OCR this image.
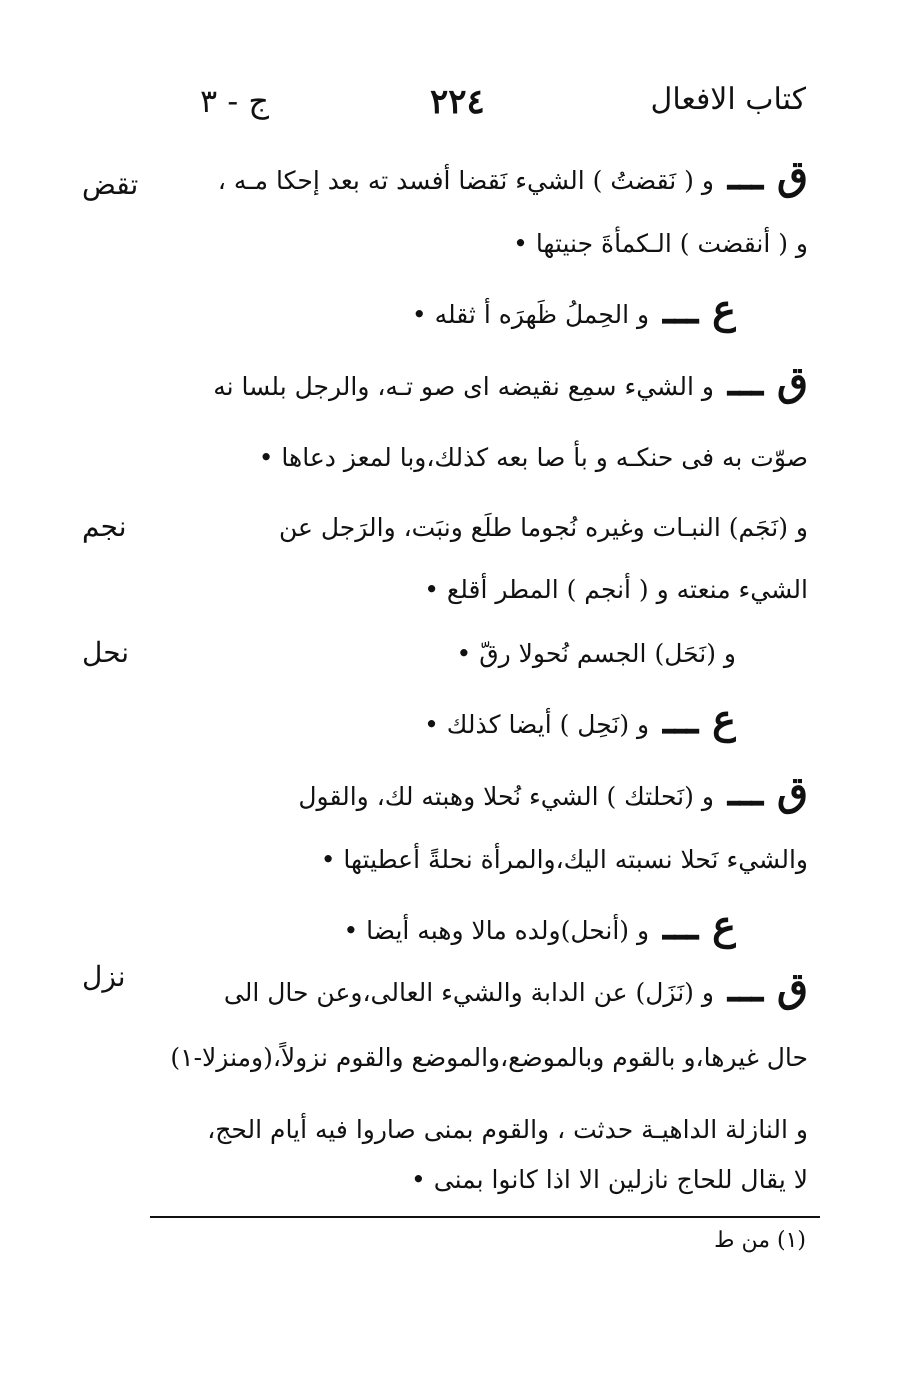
كتاب الافعال
٢٢٤
ج - ٣
تقض
نجم
نحل
نزل
ق ـــ و ( نَقضتُ ) الشيء نَقضا أفسد ته بعد إحكا مـه ،
و ( أنقضت ) الـكمأةَ جنيتها •
ع ـــ و الحِملُ ظَهرَه أ ثقله •
ق ـــ و الشيء سمِع نقيضه اى صو تـه، والرجل بلسا نه
صوّت به فى حنكـه و بأ صا بعه كذلك،وبا لمعز دعاها •
و (نَجَم) النبـات وغيره نُجوما طلَع ونبَت، والرَجل عن
الشيء منعته و ( أنجم ) المطر أقلع •
و (نَحَل) الجسم نُحولا رقّ •
ع ـــ و (نَحِل ) أيضا كذلك •
ق ـــ و (نَحلتك ) الشيء نُحلا وهبته لك، والقول
والشيء نَحلا نسبته اليك،والمرأة نحلةً أعطيتها •
ع ـــ و (أنحل)ولده مالا وهبه أيضا •
ق ـــ و (نَزَل) عن الدابة والشيء العالى،وعن حال الى
حال غيرها،و بالقوم وبالموضع،والموضع والقوم نزولاً،(ومنزلا-١)
و النازلة الداهيـة حدثت ، والقوم بمنى صاروا فيه أيام الحج،
لا يقال للحاج نازلين الا اذا كانوا بمنى •
(١) من ط
